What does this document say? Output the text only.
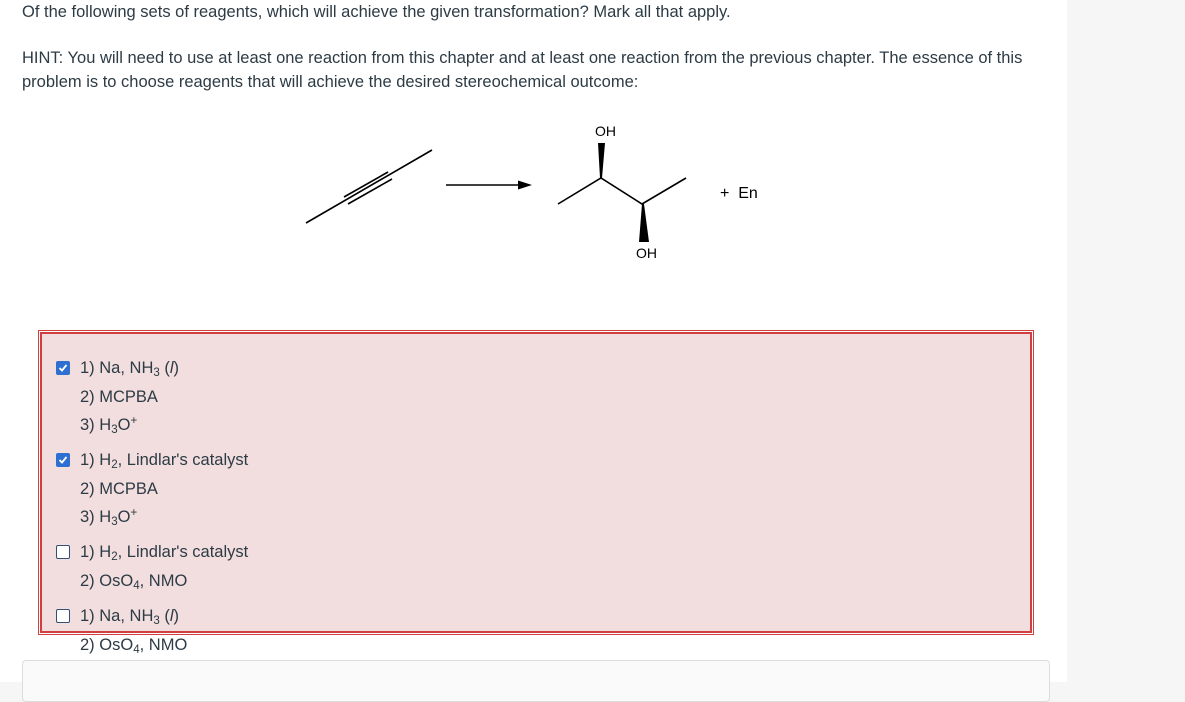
Of the following sets of reagents, which will achieve the given transformation? Mark all that apply.
HINT: You will need to use at least one reaction from this chapter and at least one reaction from the previous chapter. The essence of this problem is to choose reagents that will achieve the desired stereochemical outcome:
OH
OH
+  En
1) Na, $NH_3$ (l)
2) MCPBA
3) $H_3O^+$
1) $H_2$, Lindlar's catalyst
2) MCPBA
3) $H_3O^+$
1) $H_2$, Lindlar's catalyst
2) OsO$_4$, NMO
1) Na, $NH_3$ (l)
2) OsO$_4$, NMO
